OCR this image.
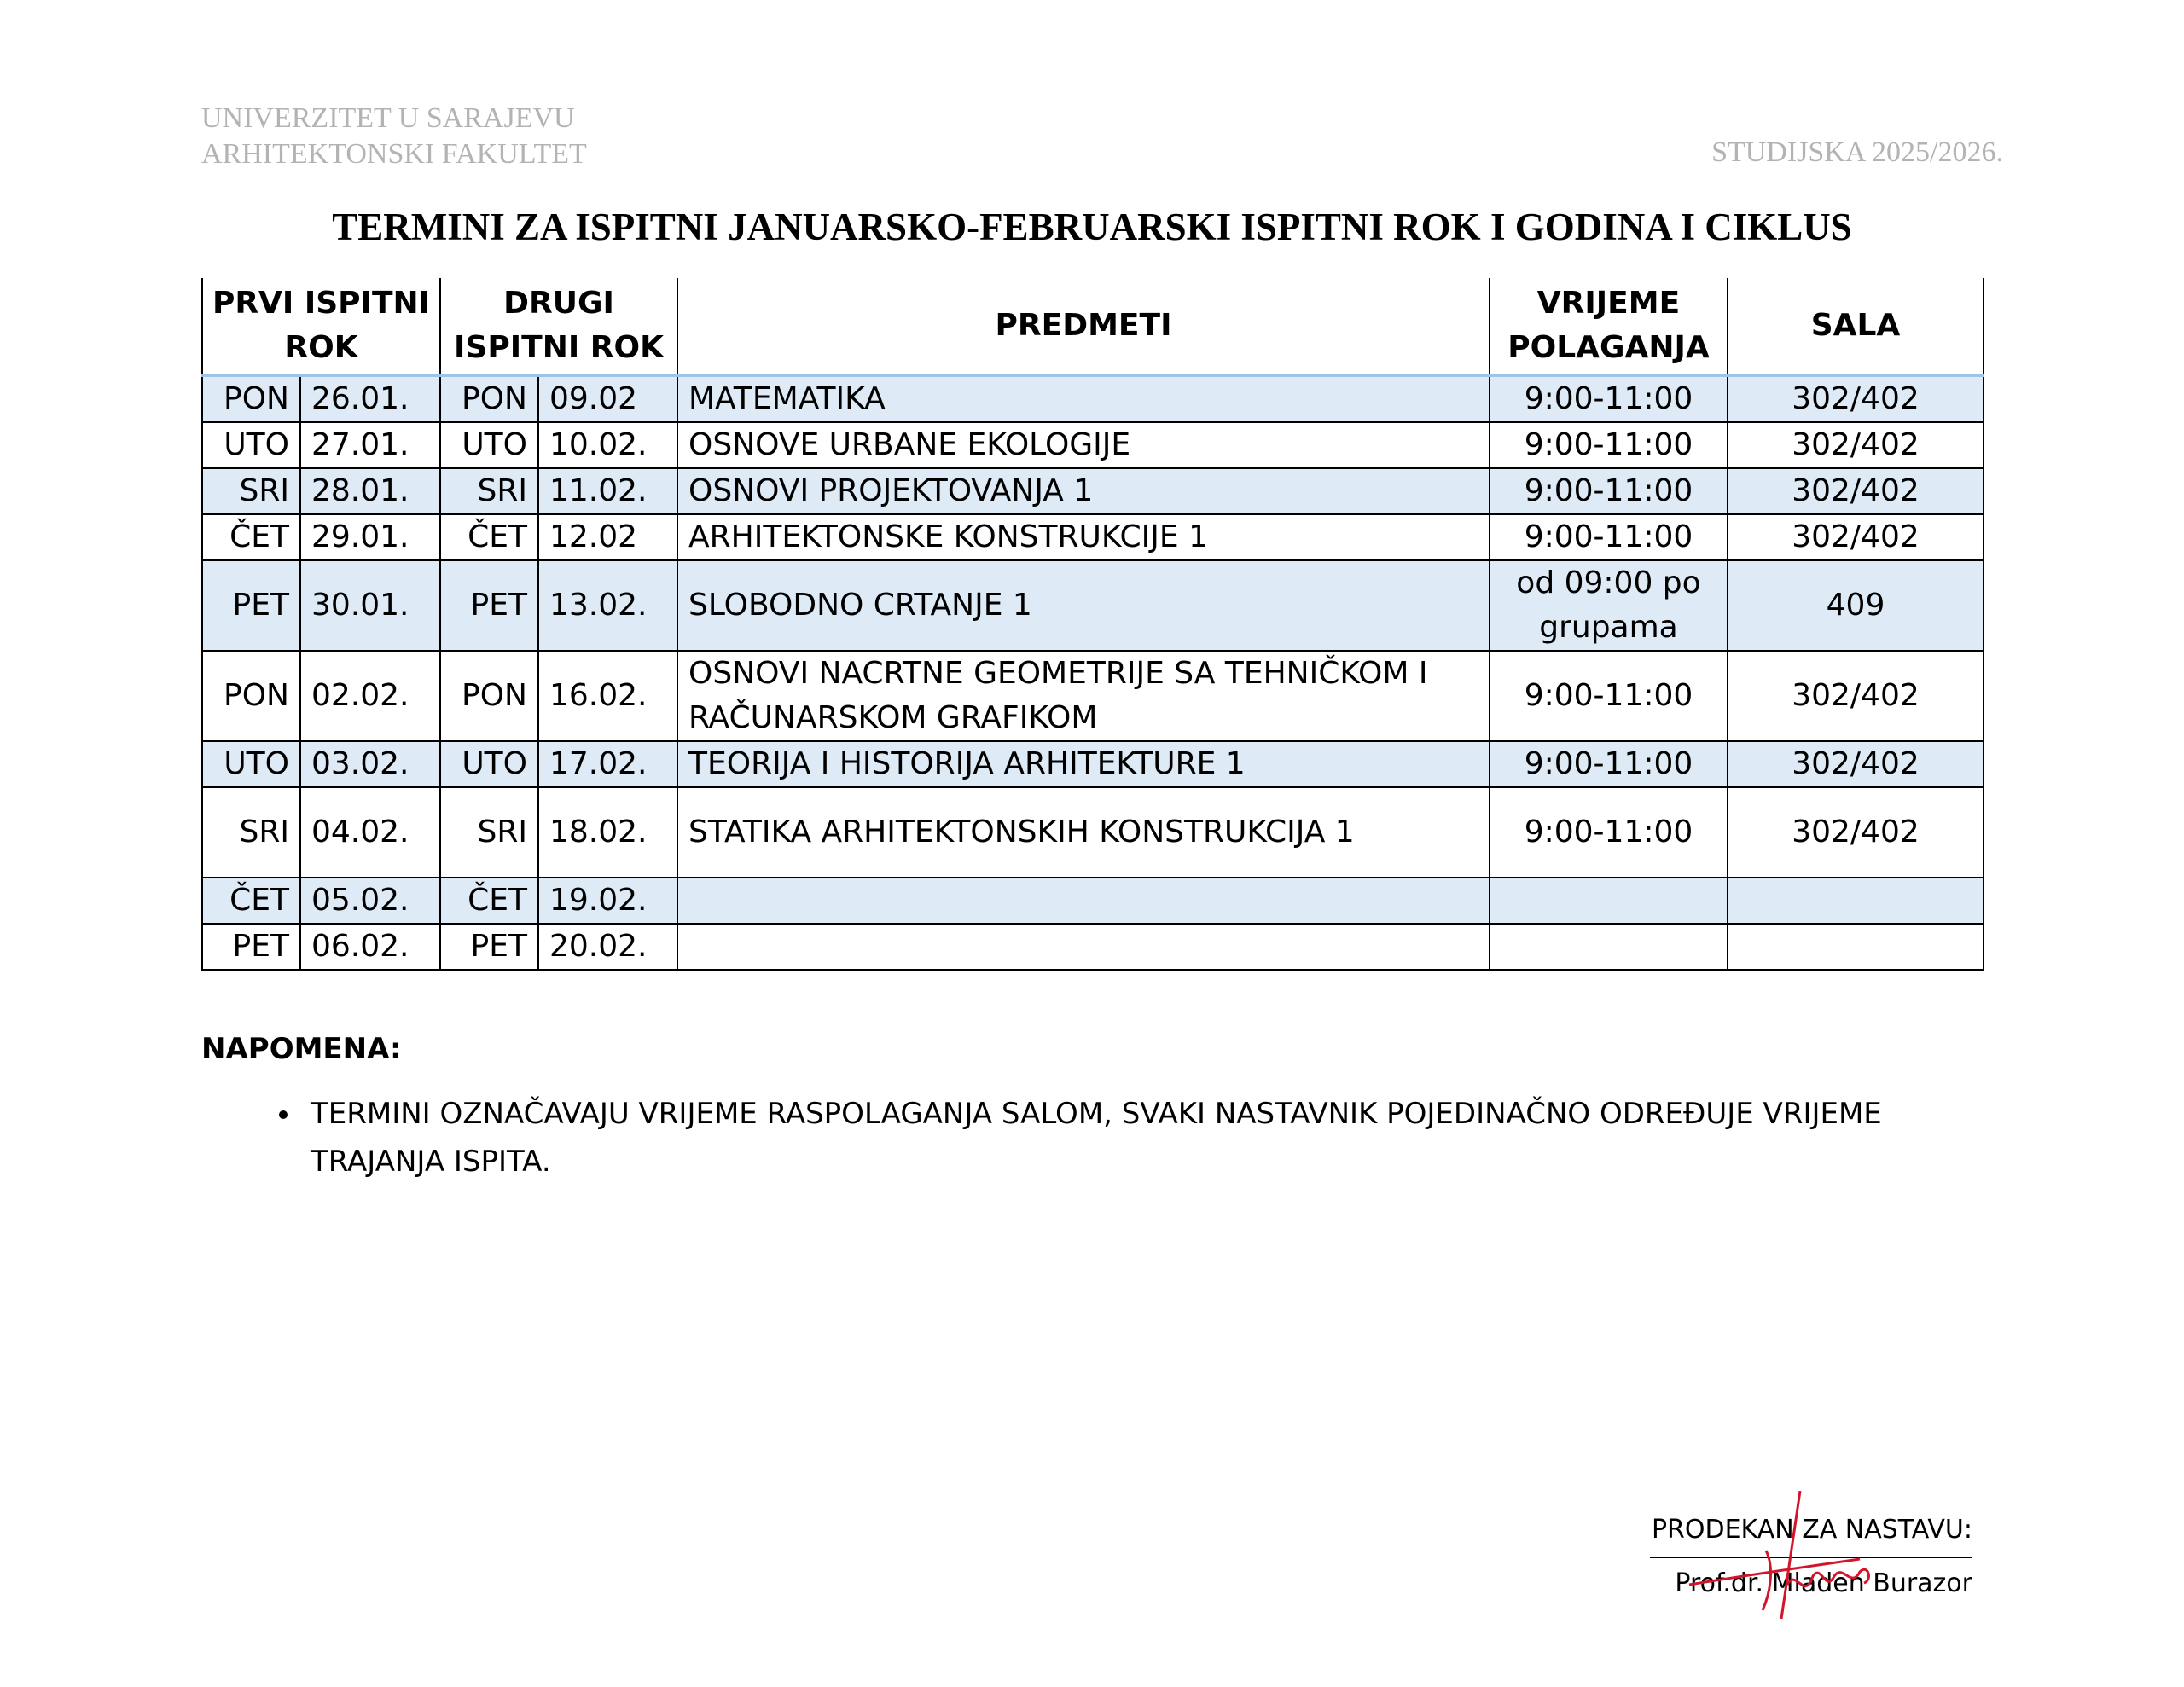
UNIVERZITET U SARAJEVU
ARHITEKTONSKI FAKULTET	STUDIJSKA 2025/2026.
TERMINI ZA ISPITNI JANUARSKO-FEBRUARSKI ISPITNI ROK I GODINA I CIKLUS
PRVI ISPITNI ROK		DRUGI ISPITNI ROK		PREDMETI	VRIJEME POLAGANJA	SALA
PON	26.01.	PON	09.02	MATEMATIKA	9:00-11:00	302/402
UTO	27.01.	UTO	10.02.	OSNOVE URBANE EKOLOGIJE	9:00-11:00	302/402
SRI	28.01.	SRI	11.02.	OSNOVI PROJEKTOVANJA 1	9:00-11:00	302/402
ČET	29.01.	ČET	12.02	ARHITEKTONSKE KONSTRUKCIJE 1	9:00-11:00	302/402
PET	30.01.	PET	13.02.	SLOBODNO CRTANJE 1	od 09:00 po grupama	409
PON	02.02.	PON	16.02.	OSNOVI NACRTNE GEOMETRIJE SA TEHNIČKOM I RAČUNARSKOM GRAFIKOM	9:00-11:00	302/402
UTO	03.02.	UTO	17.02.	TEORIJA I HISTORIJA ARHITEKTURE 1	9:00-11:00	302/402
SRI	04.02.	SRI	18.02.	STATIKA ARHITEKTONSKIH KONSTRUKCIJA 1	9:00-11:00	302/402
ČET	05.02.	ČET	19.02.			
PET	06.02.	PET	20.02.			
NAPOMENA:
• TERMINI OZNAČAVAJU VRIJEME RASPOLAGANJA SALOM, SVAKI NASTAVNIK POJEDINAČNO ODREĐUJE VRIJEME TRAJANJA ISPITA.
PRODEKAN ZA NASTAVU:
Prof.dr. Mladen Burazor
